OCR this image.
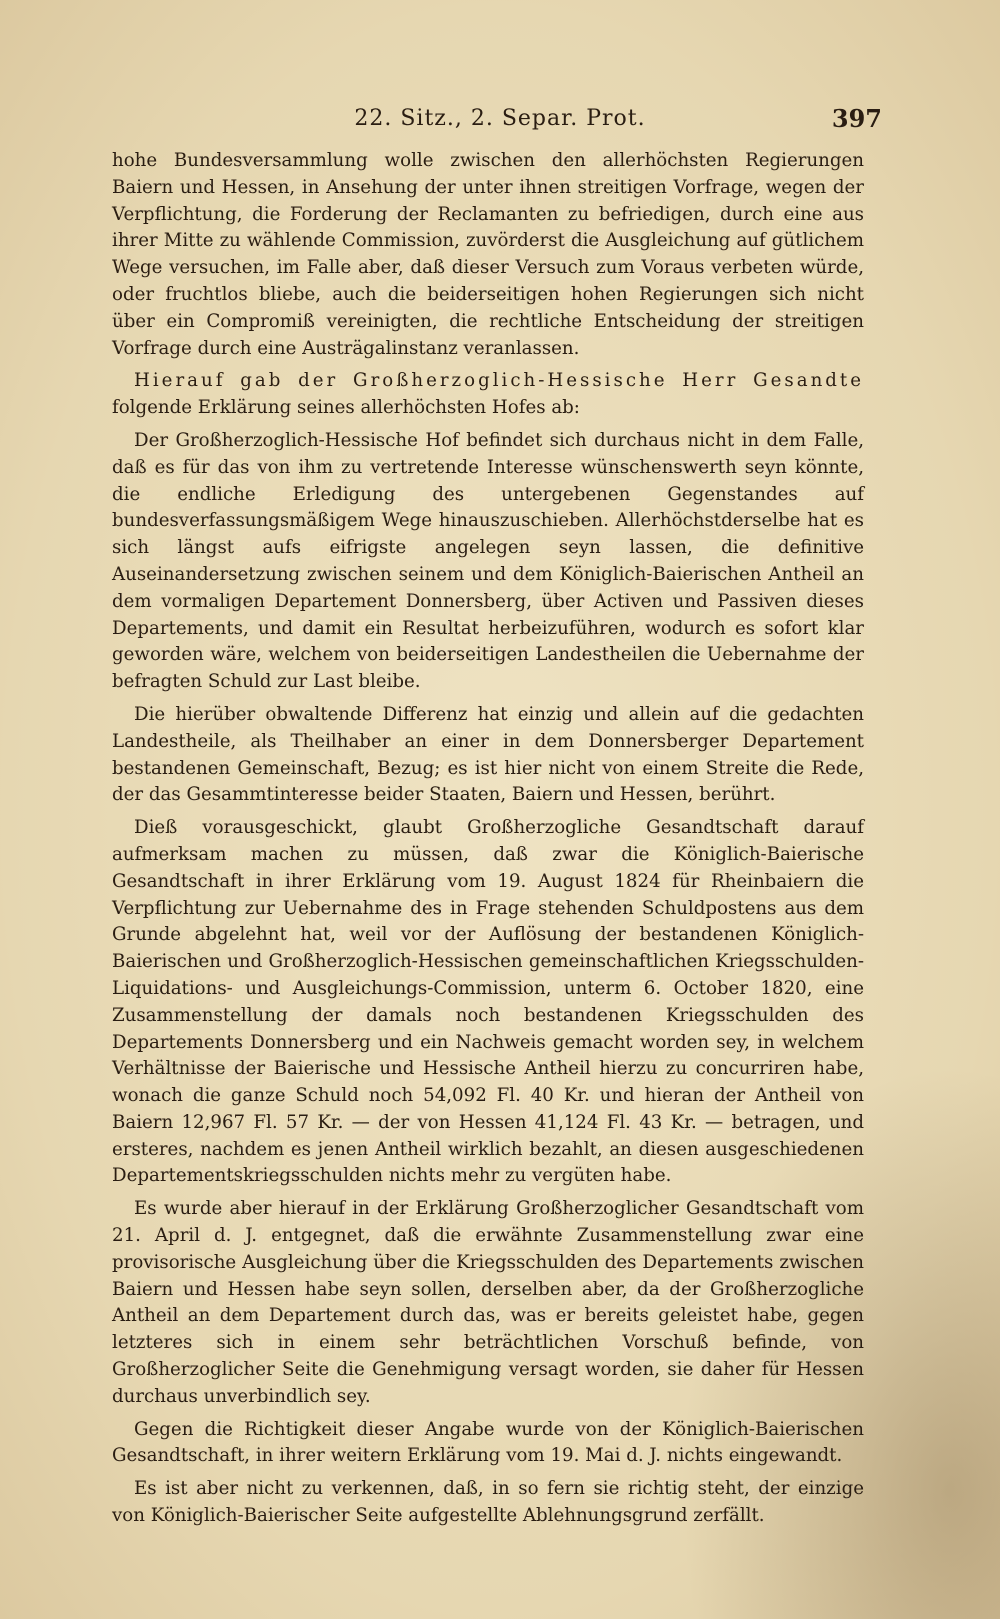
22. Sitz., 2. Separ. Prot.	397

hohe Bundesversammlung wolle zwischen den allerhöchsten Regierungen Baiern und Hessen, in Ansehung der unter ihnen streitigen Vorfrage, wegen der Verpflichtung, die Forderung der Reclamanten zu befriedigen, durch eine aus ihrer Mitte zu wählende Commission, zuvörderst die Ausgleichung auf gütlichem Wege versuchen, im Falle aber, daß dieser Versuch zum Voraus verbeten würde, oder fruchtlos bliebe, auch die beiderseitigen hohen Regierungen sich nicht über ein Compromiß vereinigten, die rechtliche Entscheidung der streitigen Vorfrage durch eine Austrägalinstanz veranlassen.

Hierauf gab der Großherzoglich-Hessische Herr Gesandte folgende Erklärung seines allerhöchsten Hofes ab:

Der Großherzoglich-Hessische Hof befindet sich durchaus nicht in dem Falle, daß es für das von ihm zu vertretende Interesse wünschenswerth seyn könnte, die endliche Erledigung des untergebenen Gegenstandes auf bundesverfassungsmäßigem Wege hinauszuschieben. Allerhöchstderselbe hat es sich längst aufs eifrigste angelegen seyn lassen, die definitive Auseinandersetzung zwischen seinem und dem Königlich-Baierischen Antheil an dem vormaligen Departement Donnersberg, über Activen und Passiven dieses Departements, und damit ein Resultat herbeizuführen, wodurch es sofort klar geworden wäre, welchem von beiderseitigen Landestheilen die Uebernahme der befragten Schuld zur Last bleibe.

Die hierüber obwaltende Differenz hat einzig und allein auf die gedachten Landestheile, als Theilhaber an einer in dem Donnersberger Departement bestandenen Gemeinschaft, Bezug; es ist hier nicht von einem Streite die Rede, der das Gesammtinteresse beider Staaten, Baiern und Hessen, berührt.

Dieß vorausgeschickt, glaubt Großherzogliche Gesandtschaft darauf aufmerksam machen zu müssen, daß zwar die Königlich-Baierische Gesandtschaft in ihrer Erklärung vom 19. August 1824 für Rheinbaiern die Verpflichtung zur Uebernahme des in Frage stehenden Schuldpostens aus dem Grunde abgelehnt hat, weil vor der Auflösung der bestandenen Königlich-Baierischen und Großherzoglich-Hessischen gemeinschaftlichen Kriegsschulden-Liquidations- und Ausgleichungs-Commission, unterm 6. October 1820, eine Zusammenstellung der damals noch bestandenen Kriegsschulden des Departements Donnersberg und ein Nachweis gemacht worden sey, in welchem Verhältnisse der Baierische und Hessische Antheil hierzu zu concurriren habe, wonach die ganze Schuld noch 54,092 Fl. 40 Kr. und hieran der Antheil von Baiern 12,967 Fl. 57 Kr. — der von Hessen 41,124 Fl. 43 Kr. — betragen, und ersteres, nachdem es jenen Antheil wirklich bezahlt, an diesen ausgeschiedenen Departementskriegsschulden nichts mehr zu vergüten habe.

Es wurde aber hierauf in der Erklärung Großherzoglicher Gesandtschaft vom 21. April d. J. entgegnet, daß die erwähnte Zusammenstellung zwar eine provisorische Ausgleichung über die Kriegsschulden des Departements zwischen Baiern und Hessen habe seyn sollen, derselben aber, da der Großherzogliche Antheil an dem Departement durch das, was er bereits geleistet habe, gegen letzteres sich in einem sehr beträchtlichen Vorschuß befinde, von Großherzoglicher Seite die Genehmigung versagt worden, sie daher für Hessen durchaus unverbindlich sey.

Gegen die Richtigkeit dieser Angabe wurde von der Königlich-Baierischen Gesandtschaft, in ihrer weitern Erklärung vom 19. Mai d. J. nichts eingewandt.

Es ist aber nicht zu verkennen, daß, in so fern sie richtig steht, der einzige von Königlich-Baierischer Seite aufgestellte Ablehnungsgrund zerfällt.
